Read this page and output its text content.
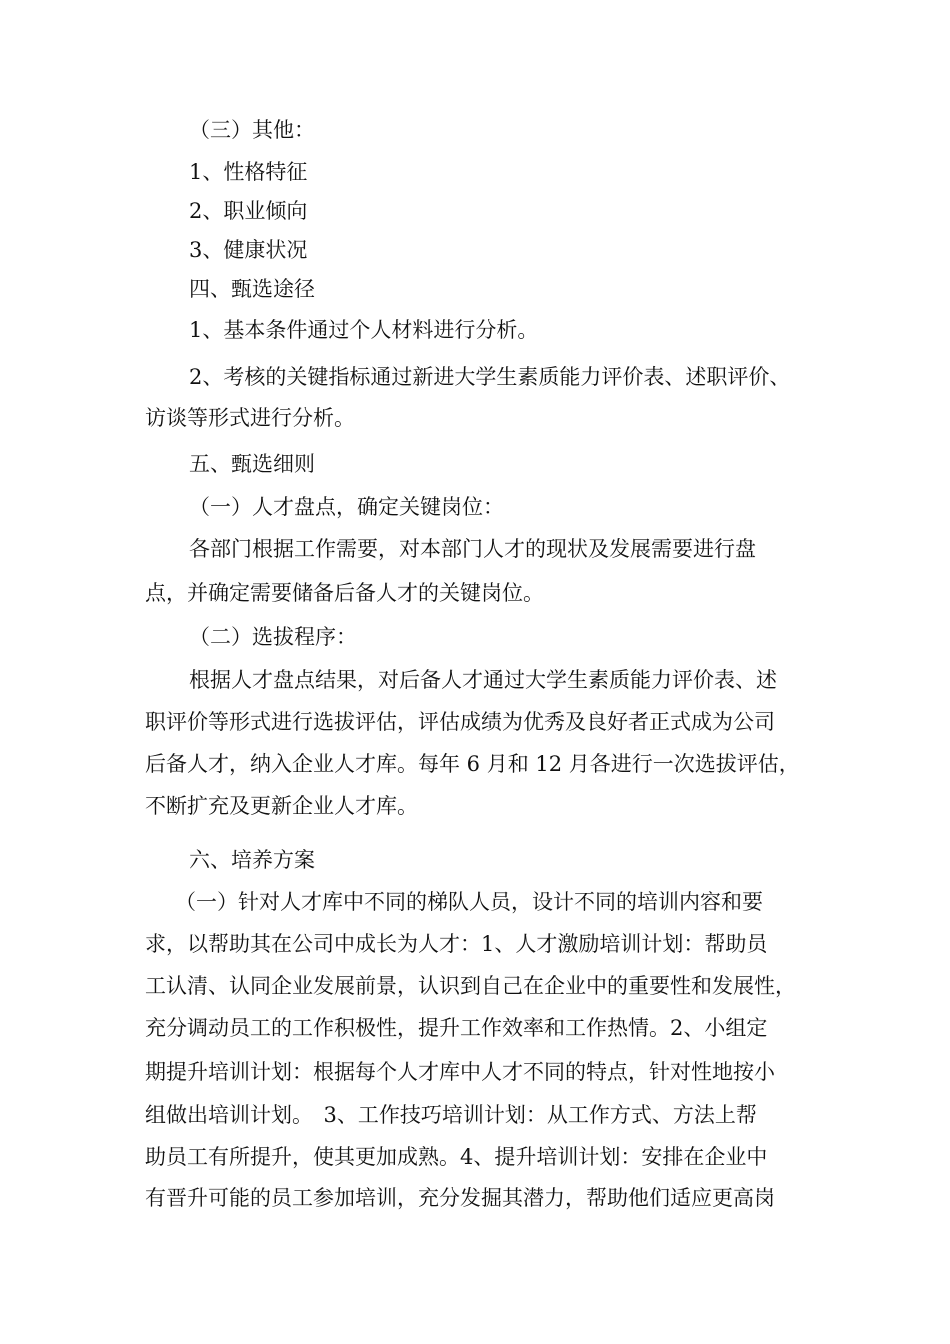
（三）其他：
1、性格特征
2、职业倾向
3、健康状况
四、甄选途径
1、基本条件通过个人材料进行分析。
2、考核的关键指标通过新进大学生素质能力评价表、述职评价、
访谈等形式进行分析。
五、甄选细则
（一）人才盘点，确定关键岗位：
各部门根据工作需要，对本部门人才的现状及发展需要进行盘
点，并确定需要储备后备人才的关键岗位。
（二）选拔程序：
根据人才盘点结果，对后备人才通过大学生素质能力评价表、述
职评价等形式进行选拔评估，评估成绩为优秀及良好者正式成为公司
后备人才，纳入企业人才库。每年 6 月和 12 月各进行一次选拔评估，
不断扩充及更新企业人才库。
六、培养方案
（一）针对人才库中不同的梯队人员，设计不同的培训内容和要
求，以帮助其在公司中成长为人才：1、人才激励培训计划：帮助员
工认清、认同企业发展前景，认识到自己在企业中的重要性和发展性，
充分调动员工的工作积极性，提升工作效率和工作热情。2、小组定
期提升培训计划：根据每个人才库中人才不同的特点，针对性地按小
组做出培训计划。　3、工作技巧培训计划：从工作方式、方法上帮
助员工有所提升，使其更加成熟。4、提升培训计划：安排在企业中
有晋升可能的员工参加培训，充分发掘其潜力，帮助他们适应更高岗
